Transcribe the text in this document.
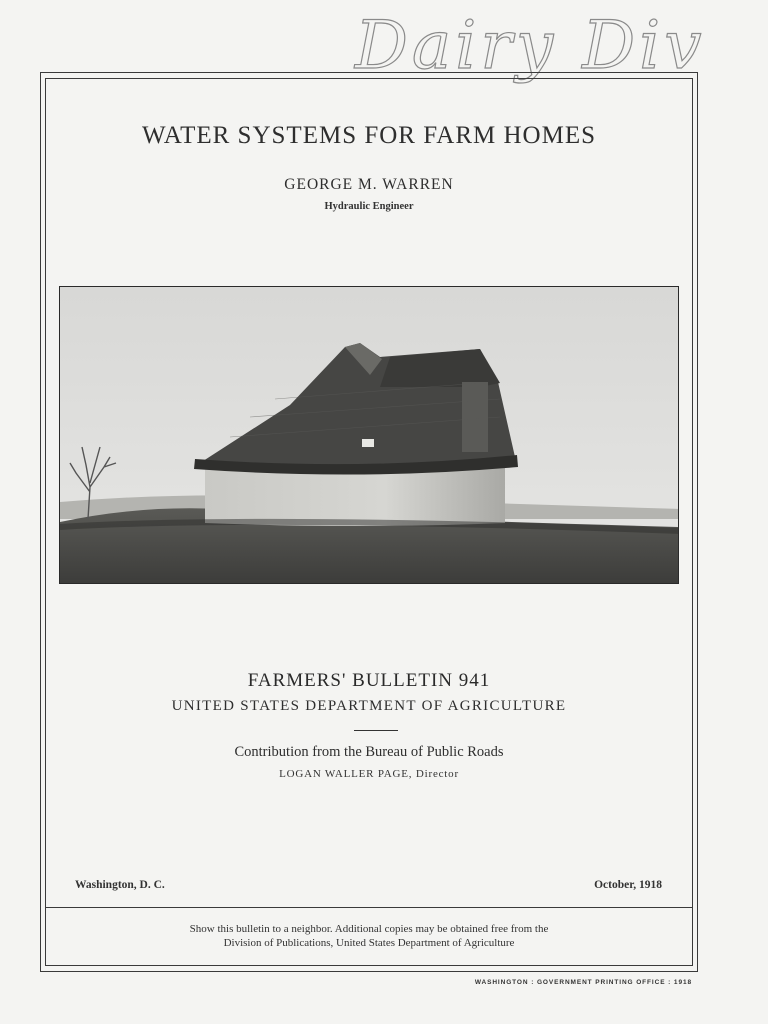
Dairy Div
WATER SYSTEMS FOR FARM HOMES
GEORGE M. WARREN
Hydraulic Engineer
FARMERS' BULLETIN 941
UNITED STATES DEPARTMENT OF AGRICULTURE
Contribution from the Bureau of Public Roads
LOGAN WALLER PAGE, Director
Washington, D. C.	October, 1918
Show this bulletin to a neighbor. Additional copies may be obtained free from the
Division of Publications, United States Department of Agriculture
WASHINGTON : GOVERNMENT PRINTING OFFICE : 1918
